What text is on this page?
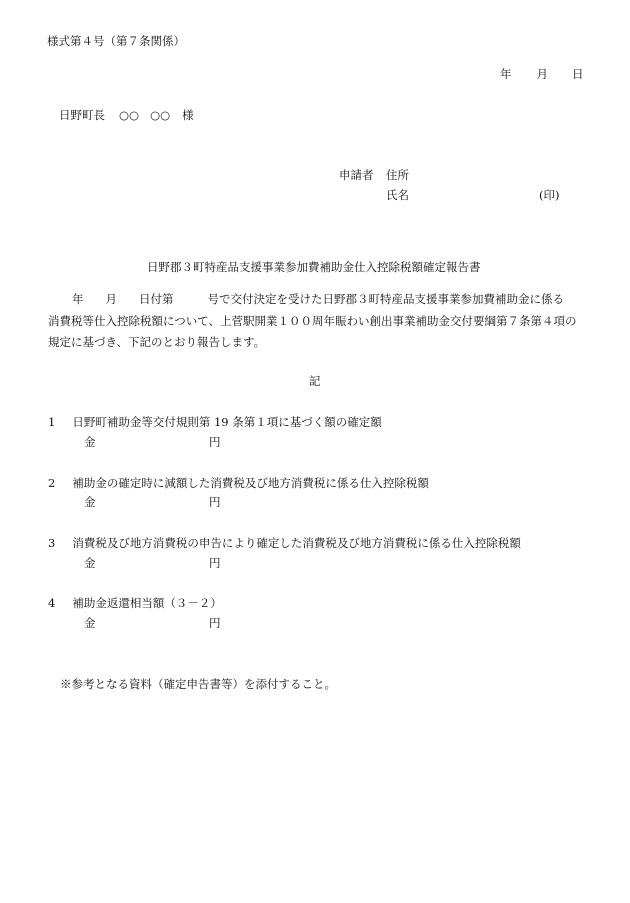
様式第４号（第７条関係）
年 月 日
日野町長 ○○ ○○ 様
申請者 住所
氏名	(印)
日野郡３町特産品支援事業参加費補助金仕入控除税額確定報告書
年 月 日付第	号で交付決定を受けた日野郡３町特産品支援事業参加費補助金に係る
消費税等仕入控除税額について、上菅駅開業１００周年賑わい創出事業補助金交付要綱第７条第４項の
規定に基づき、下記のとおり報告します。
記
1 日野町補助金等交付規則第 19 条第１項に基づく額の確定額
金	円
2 補助金の確定時に減額した消費税及び地方消費税に係る仕入控除税額
金	円
3 消費税及び地方消費税の申告により確定した消費税及び地方消費税に係る仕入控除税額
金	円
4 補助金返還相当額（３－２）
金	円
※参考となる資料（確定申告書等）を添付すること。
